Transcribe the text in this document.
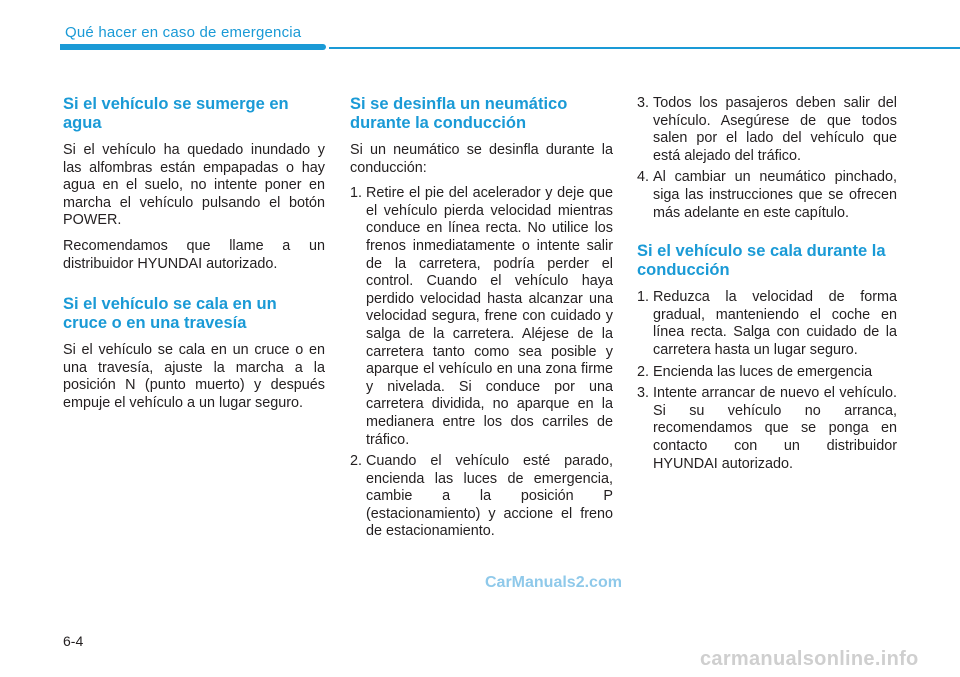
Qué hacer en caso de emergencia
Si el vehículo se sumerge en agua

Si el vehículo ha quedado inundado y las alfombras están empapadas o hay agua en el suelo, no intente poner en marcha el vehículo pulsando el botón POWER.

Recomendamos que llame a un distribuidor HYUNDAI autorizado.

Si el vehículo se cala en un cruce o en una travesía

Si el vehículo se cala en un cruce o en una travesía, ajuste la marcha a la posición N (punto muerto) y después empuje el vehículo a un lugar seguro.

Si se desinfla un neumático durante la conducción

Si un neumático se desinfla durante la conducción:

1. Retire el pie del acelerador y deje que el vehículo pierda velocidad mientras conduce en línea recta. No utilice los frenos inmediatamente o intente salir de la carretera, podría perder el control. Cuando el vehículo haya perdido velocidad hasta alcanzar una velocidad segura, frene con cuidado y salga de la carretera. Aléjese de la carretera tanto como sea posible y aparque el vehículo en una zona firme y nivelada. Si conduce por una carretera dividida, no aparque en la medianera entre los dos carriles de tráfico.
2. Cuando el vehículo esté parado, encienda las luces de emergencia, cambie a la posición P (estacionamiento) y accione el freno de estacionamiento.
3. Todos los pasajeros deben salir del vehículo. Asegúrese de que todos salen por el lado del vehículo que está alejado del tráfico.
4. Al cambiar un neumático pinchado, siga las instrucciones que se ofrecen más adelante en este capítulo.
Si el vehículo se cala durante la conducción
1. Reduzca la velocidad de forma gradual, manteniendo el coche en línea recta. Salga con cuidado de la carretera hasta un lugar seguro.
2. Encienda las luces de emergencia
3. Intente arrancar de nuevo el vehículo. Si su vehículo no arranca, recomendamos que se ponga en contacto con un distribuidor HYUNDAI autorizado.
CarManuals2.com
6-4
carmanualsonline.info
